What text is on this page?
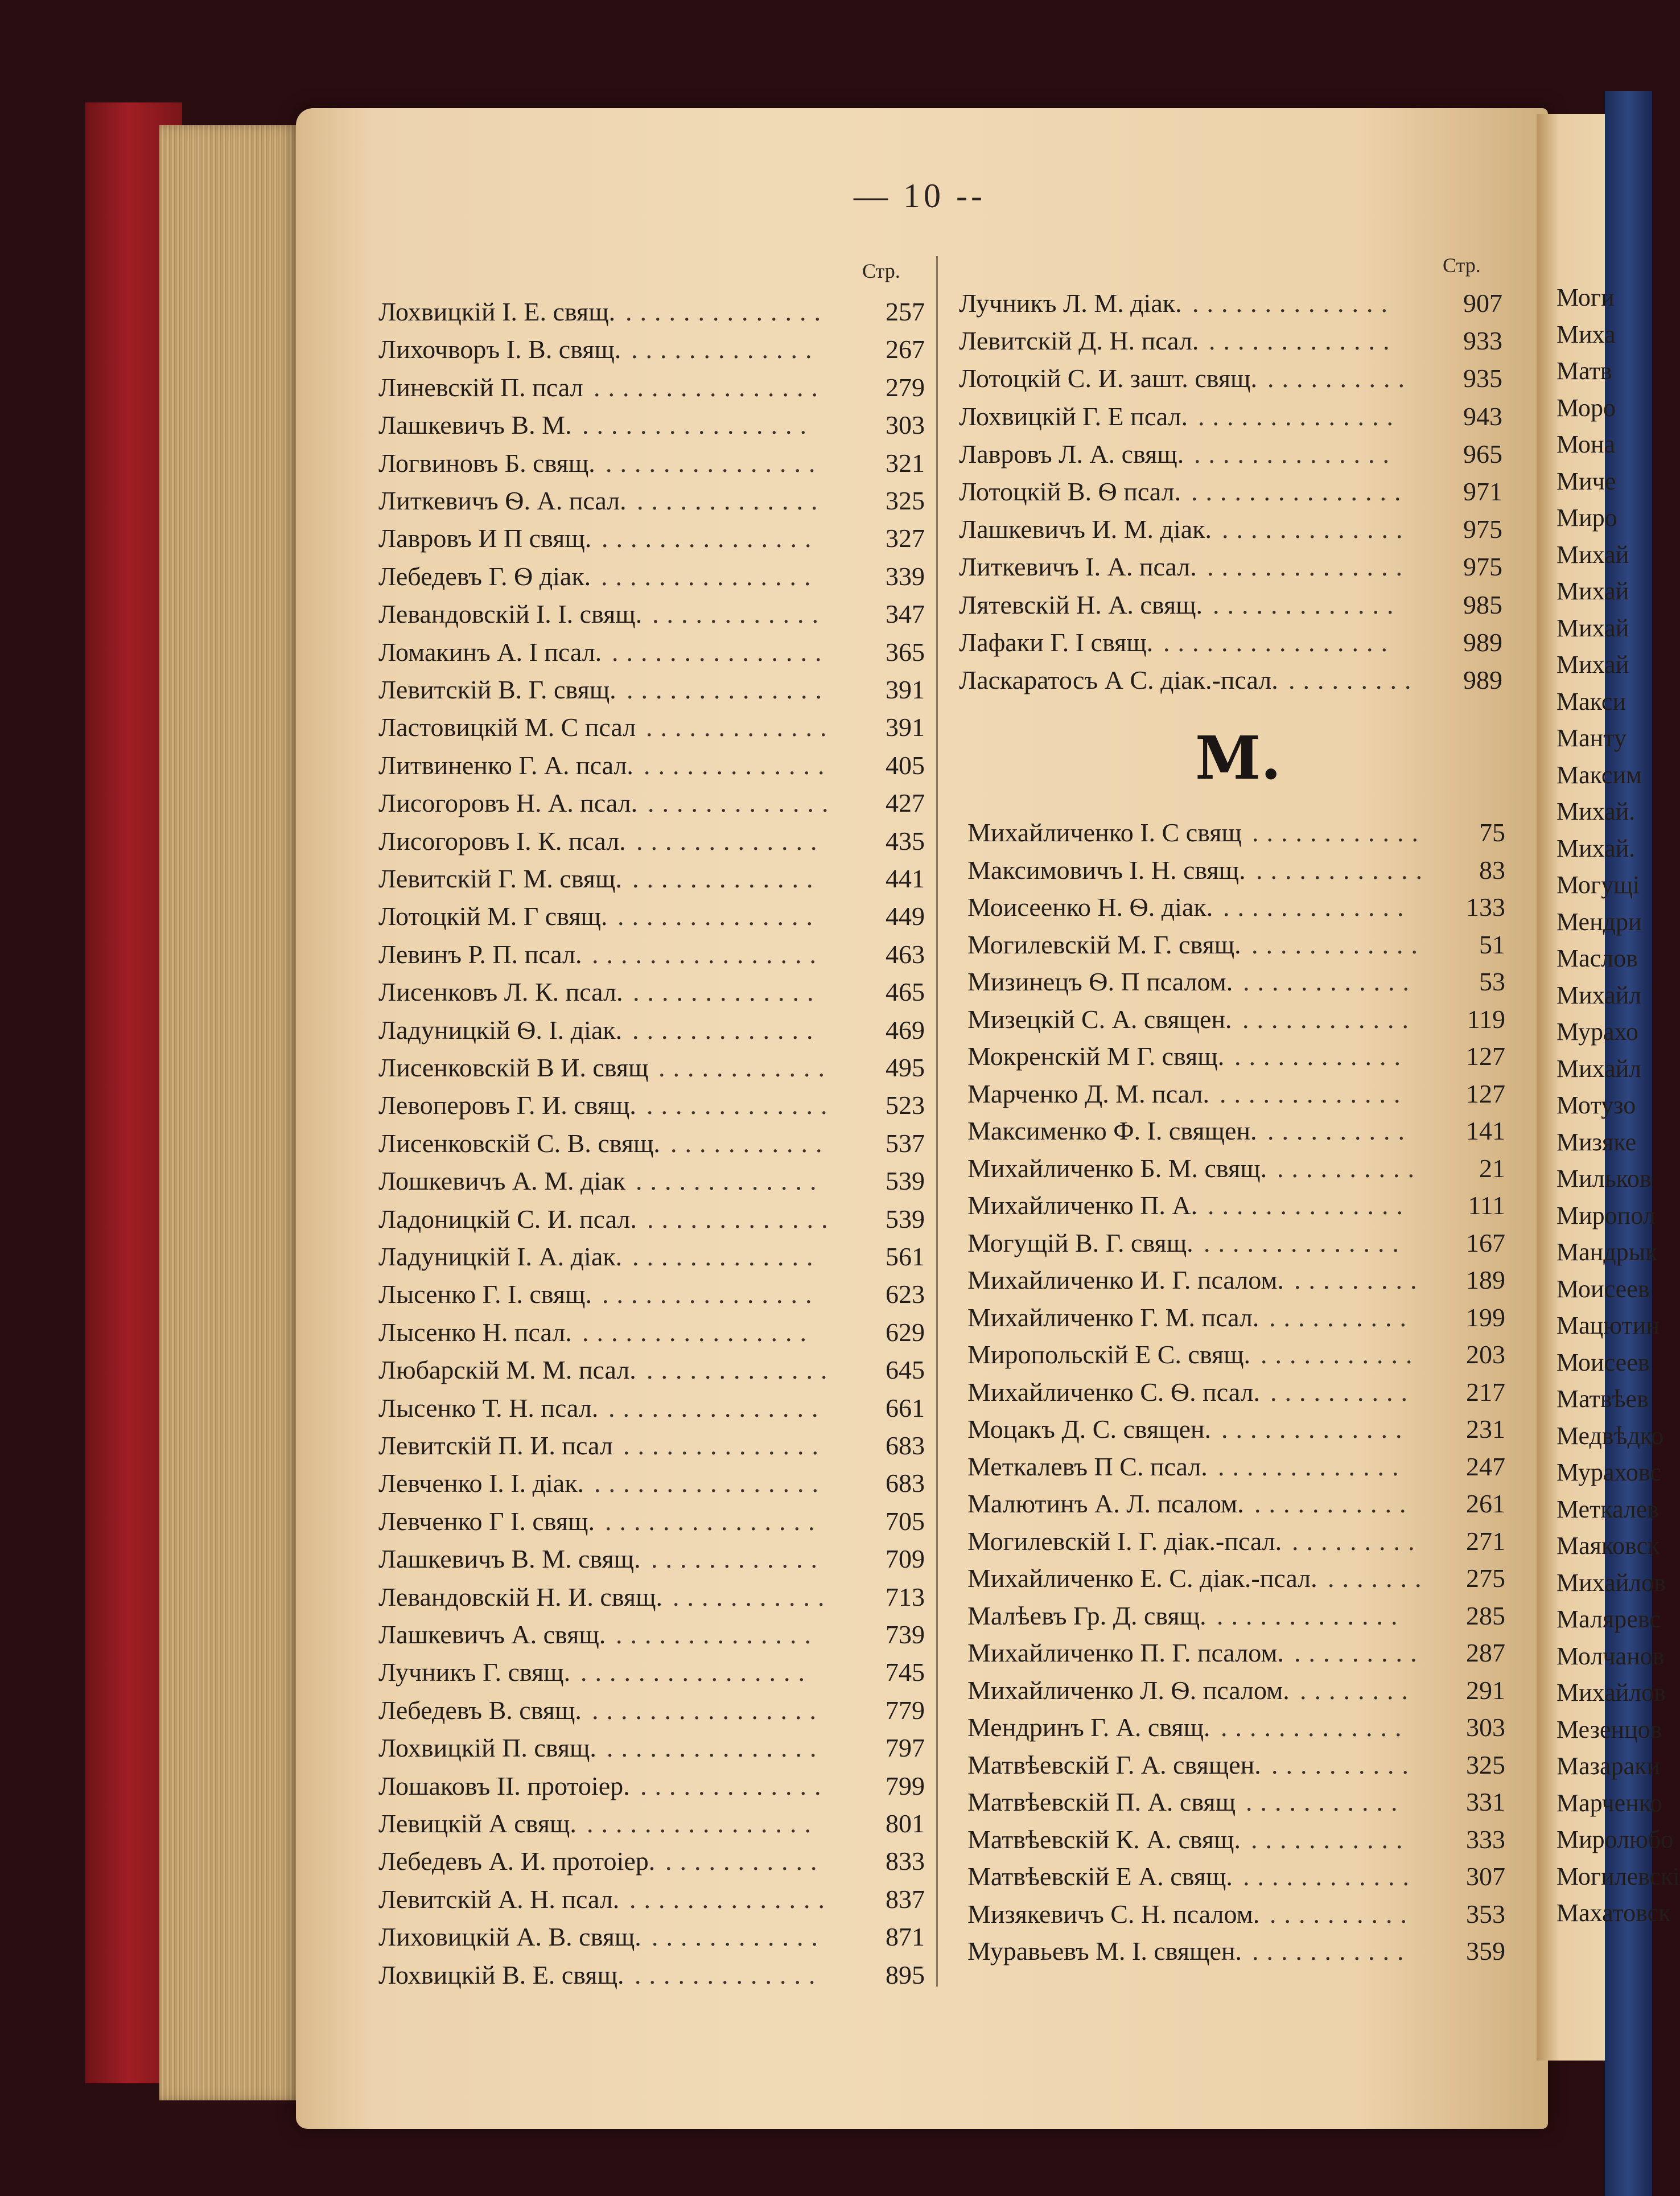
— 10 --
Стр.	Стр.
Лохвицкій І. Е. свящ. ..............	257
Лихочворъ І. В. свящ. .............	267
Линевскій П. псал ................	279
Лашкевичъ В. М. ................	303
Логвиновъ Б. свящ. ...............	321
Литкевичъ Ѳ. А. псал. .............	325
Лавровъ И П свящ. ...............	327
Лебедевъ Г. Ѳ діак. ...............	339
Левандовскій І. І. свящ. ............	347
Ломакинъ А. І псал. ...............	365
Левитскій В. Г. свящ. ..............	391
Ластовицкій М. С псал .............	391
Литвиненко Г. А. псал. .............	405
Лисогоровъ Н. А. псал. .............	427
Лисогоровъ І. К. псал. .............	435
Левитскій Г. М. свящ. .............	441
Лотоцкій М. Г свящ. ..............	449
Левинъ Р. П. псал. ................	463
Лисенковъ Л. К. псал. .............	465
Ладуницкій Ѳ. І. діак. .............	469
Лисенковскій В И. свящ ............	495
Левоперовъ Г. И. свящ. .............	523
Лисенковскій С. В. свящ. ...........	537
Лошкевичъ А. М. діак .............	539
Ладоницкій С. И. псал. .............	539
Ладуницкій І. А. діак. .............	561
Лысенко Г. І. свящ. ...............	623
Лысенко Н. псал. ................	629
Любарскій М. М. псал. .............	645
Лысенко Т. Н. псал. ...............	661
Левитскій П. И. псал ..............	683
Левченко І. І. діак. ................	683
Левченко Г І. свящ. ...............	705
Лашкевичъ В. М. свящ. ............	709
Левандовскій Н. И. свящ. ...........	713
Лашкевичъ А. свящ. ..............	739
Лучникъ Г. свящ. ................	745
Лебедевъ В. свящ. ................	779
Лохвицкій П. свящ. ...............	797
Лошаковъ ІІ. протоіер. .............	799
Левицкій А свящ. ................	801
Лебедевъ А. И. протоіер. ...........	833
Левитскій А. Н. псал. ..............	837
Лиховицкій А. В. свящ. ............	871
Лохвицкій В. Е. свящ. .............	895
Лучникъ Л. М. діак. ..............	907
Левитскій Д. Н. псал. .............	933
Лотоцкій С. И. зашт. свящ. ..........	935
Лохвицкій Г. Е псал. ..............	943
Лавровъ Л. А. свящ. ..............	965
Лотоцкій В. Ѳ псал. ...............	971
Лашкевичъ И. М. діак. .............	975
Литкевичъ І. А. псал. ..............	975
Лятевскій Н. А. свящ. .............	985
Лафаки Г. І свящ. ................	989
Ласкаратосъ А С. діак.-псал. .........	989
М.
Михайличенко І. С свящ ............	75
Максимовичъ І. Н. свящ. ............	83
Моисеенко Н. Ѳ. діак. .............	133
Могилевскій М. Г. свящ. ............	51
Мизинецъ Ѳ. П псалом. ............	53
Мизецкій С. А. священ. ............	119
Мокренскій М Г. свящ. ............	127
Марченко Д. М. псал. .............	127
Максименко Ф. І. священ. ..........	141
Михайличенко Б. М. свящ. ..........	21
Михайличенко П. А. ..............	111
Могущій В. Г. свящ. ..............	167
Михайличенко И. Г. псалом. .........	189
Михайличенко Г. М. псал. ..........	199
Миропольскій Е С. свящ. ...........	203
Михайличенко С. Ѳ. псал. ..........	217
Моцакъ Д. С. священ. .............	231
Меткалевъ П С. псал. .............	247
Малютинъ А. Л. псалом. ...........	261
Могилевскій І. Г. діак.-псал. .........	271
Михайличенко Е. С. діак.-псал. .......	275
Малѣевъ Гр. Д. свящ. .............	285
Михайличенко П. Г. псалом. .........	287
Михайличенко Л. Ѳ. псалом. ........	291
Мендринъ Г. А. свящ. .............	303
Матвѣевскій Г. А. священ. ..........	325
Матвѣевскій П. А. свящ ...........	331
Матвѣевскій К. А. свящ. ...........	333
Матвѣевскій Е А. свящ. ............	307
Мизякевичъ С. Н. псалом. ..........	353
Муравьевъ М. І. священ. ...........	359
Моги
Миха
Матв
Моро
Мона
Миче
Миро
Михай
Михай
Михай
Михай
Макси
Манту
Максим
Михай.
Михай.
Могущі
Мендри
Маслов
Михайл
Мурахо
Михайл
Мотузо
Мизяке
Мильков
Миропол
Мандрык
Моисеев
Мацютин
Моисеев
Матвѣев
Медвѣдко
Мураховс
Меткалев
Маяковск
Михайлов
Маляревс
Молчанов
Михайлов
Мезенцов
Мазараки
Марченко
Миролюбо
Могилевскі
Махатовск
